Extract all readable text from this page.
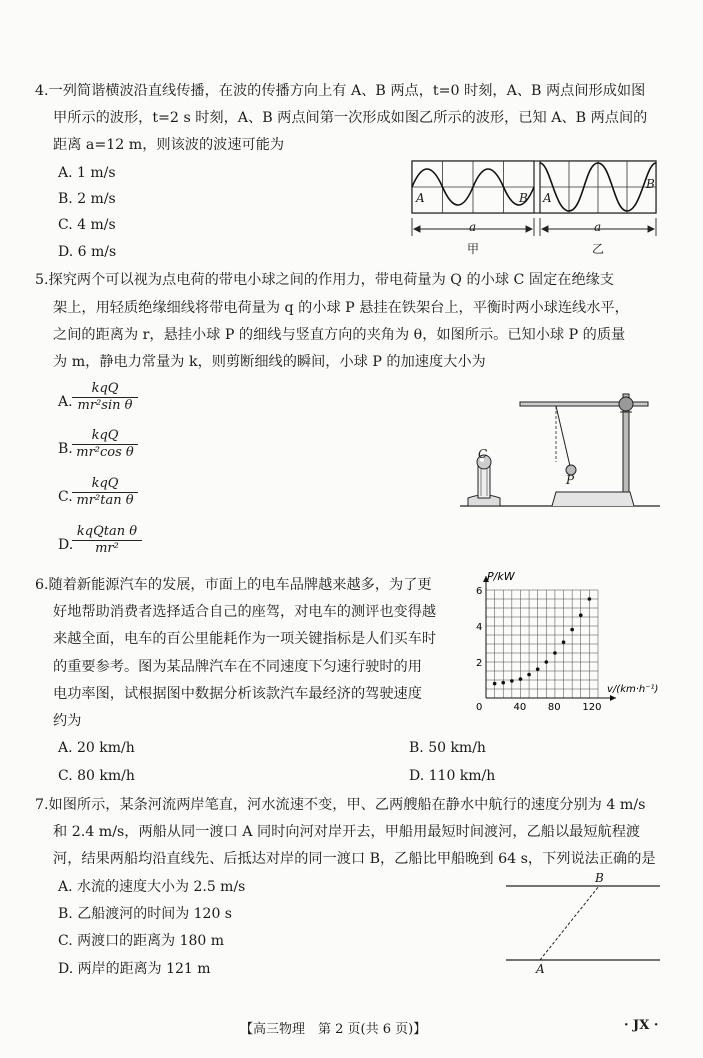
4.一列简谐横波沿直线传播，在波的传播方向上有 A、B 两点，t=0 时刻，A、B 两点间形成如图
甲所示的波形，t=2 s 时刻，A、B 两点间第一次形成如图乙所示的波形，已知 A、B 两点间的
距离 a=12 m，则该波的波速可能为
A. 1 m/s
B. 2 m/s
C. 4 m/s
D. 6 m/s
A	B A
B
a	a
甲	乙
5.探究两个可以视为点电荷的带电小球之间的作用力，带电荷量为 Q 的小球 C 固定在绝缘支
架上，用轻质绝缘细线将带电荷量为 q 的小球 P 悬挂在铁架台上，平衡时两小球连线水平，
之间的距离为 r，悬挂小球 P 的细线与竖直方向的夹角为 θ，如图所示。已知小球 P 的质量
为 m，静电力常量为 k，则剪断细线的瞬间，小球 P 的加速度大小为
A.
kqQ
mr²sin θ
B.
kqQ
mr²cos θ
C.
kqQ
mr²tan θ
D.
kqQtan θ
mr²
C
P
6.随着新能源汽车的发展，市面上的电车品牌越来越多，为了更
好地帮助消费者选择适合自己的座驾，对电车的测评也变得越
来越全面，电车的百公里能耗作为一项关键指标是人们买车时
的重要参考。图为某品牌汽车在不同速度下匀速行驶时的用
电功率图，试根据图中数据分析该款汽车最经济的驾驶速度
约为
A. 20 km/h	B. 50 km/h
C. 80 km/h	D. 110 km/h
40 80 120
2
4
6
0
P/kW
v/(km·h⁻¹)
7.如图所示，某条河流两岸笔直，河水流速不变，甲、乙两艘船在静水中航行的速度分别为 4 m/s
和 2.4 m/s，两船从同一渡口 A 同时向河对岸开去，甲船用最短时间渡河，乙船以最短航程渡
河，结果两船均沿直线先、后抵达对岸的同一渡口 B，乙船比甲船晚到 64 s，下列说法正确的是
A. 水流的速度大小为 2.5 m/s
B. 乙船渡河的时间为 120 s
C. 两渡口的距离为 180 m
D. 两岸的距离为 121 m
B
A
【高三物理　第 2 页(共 6 页)】	· JX ·
